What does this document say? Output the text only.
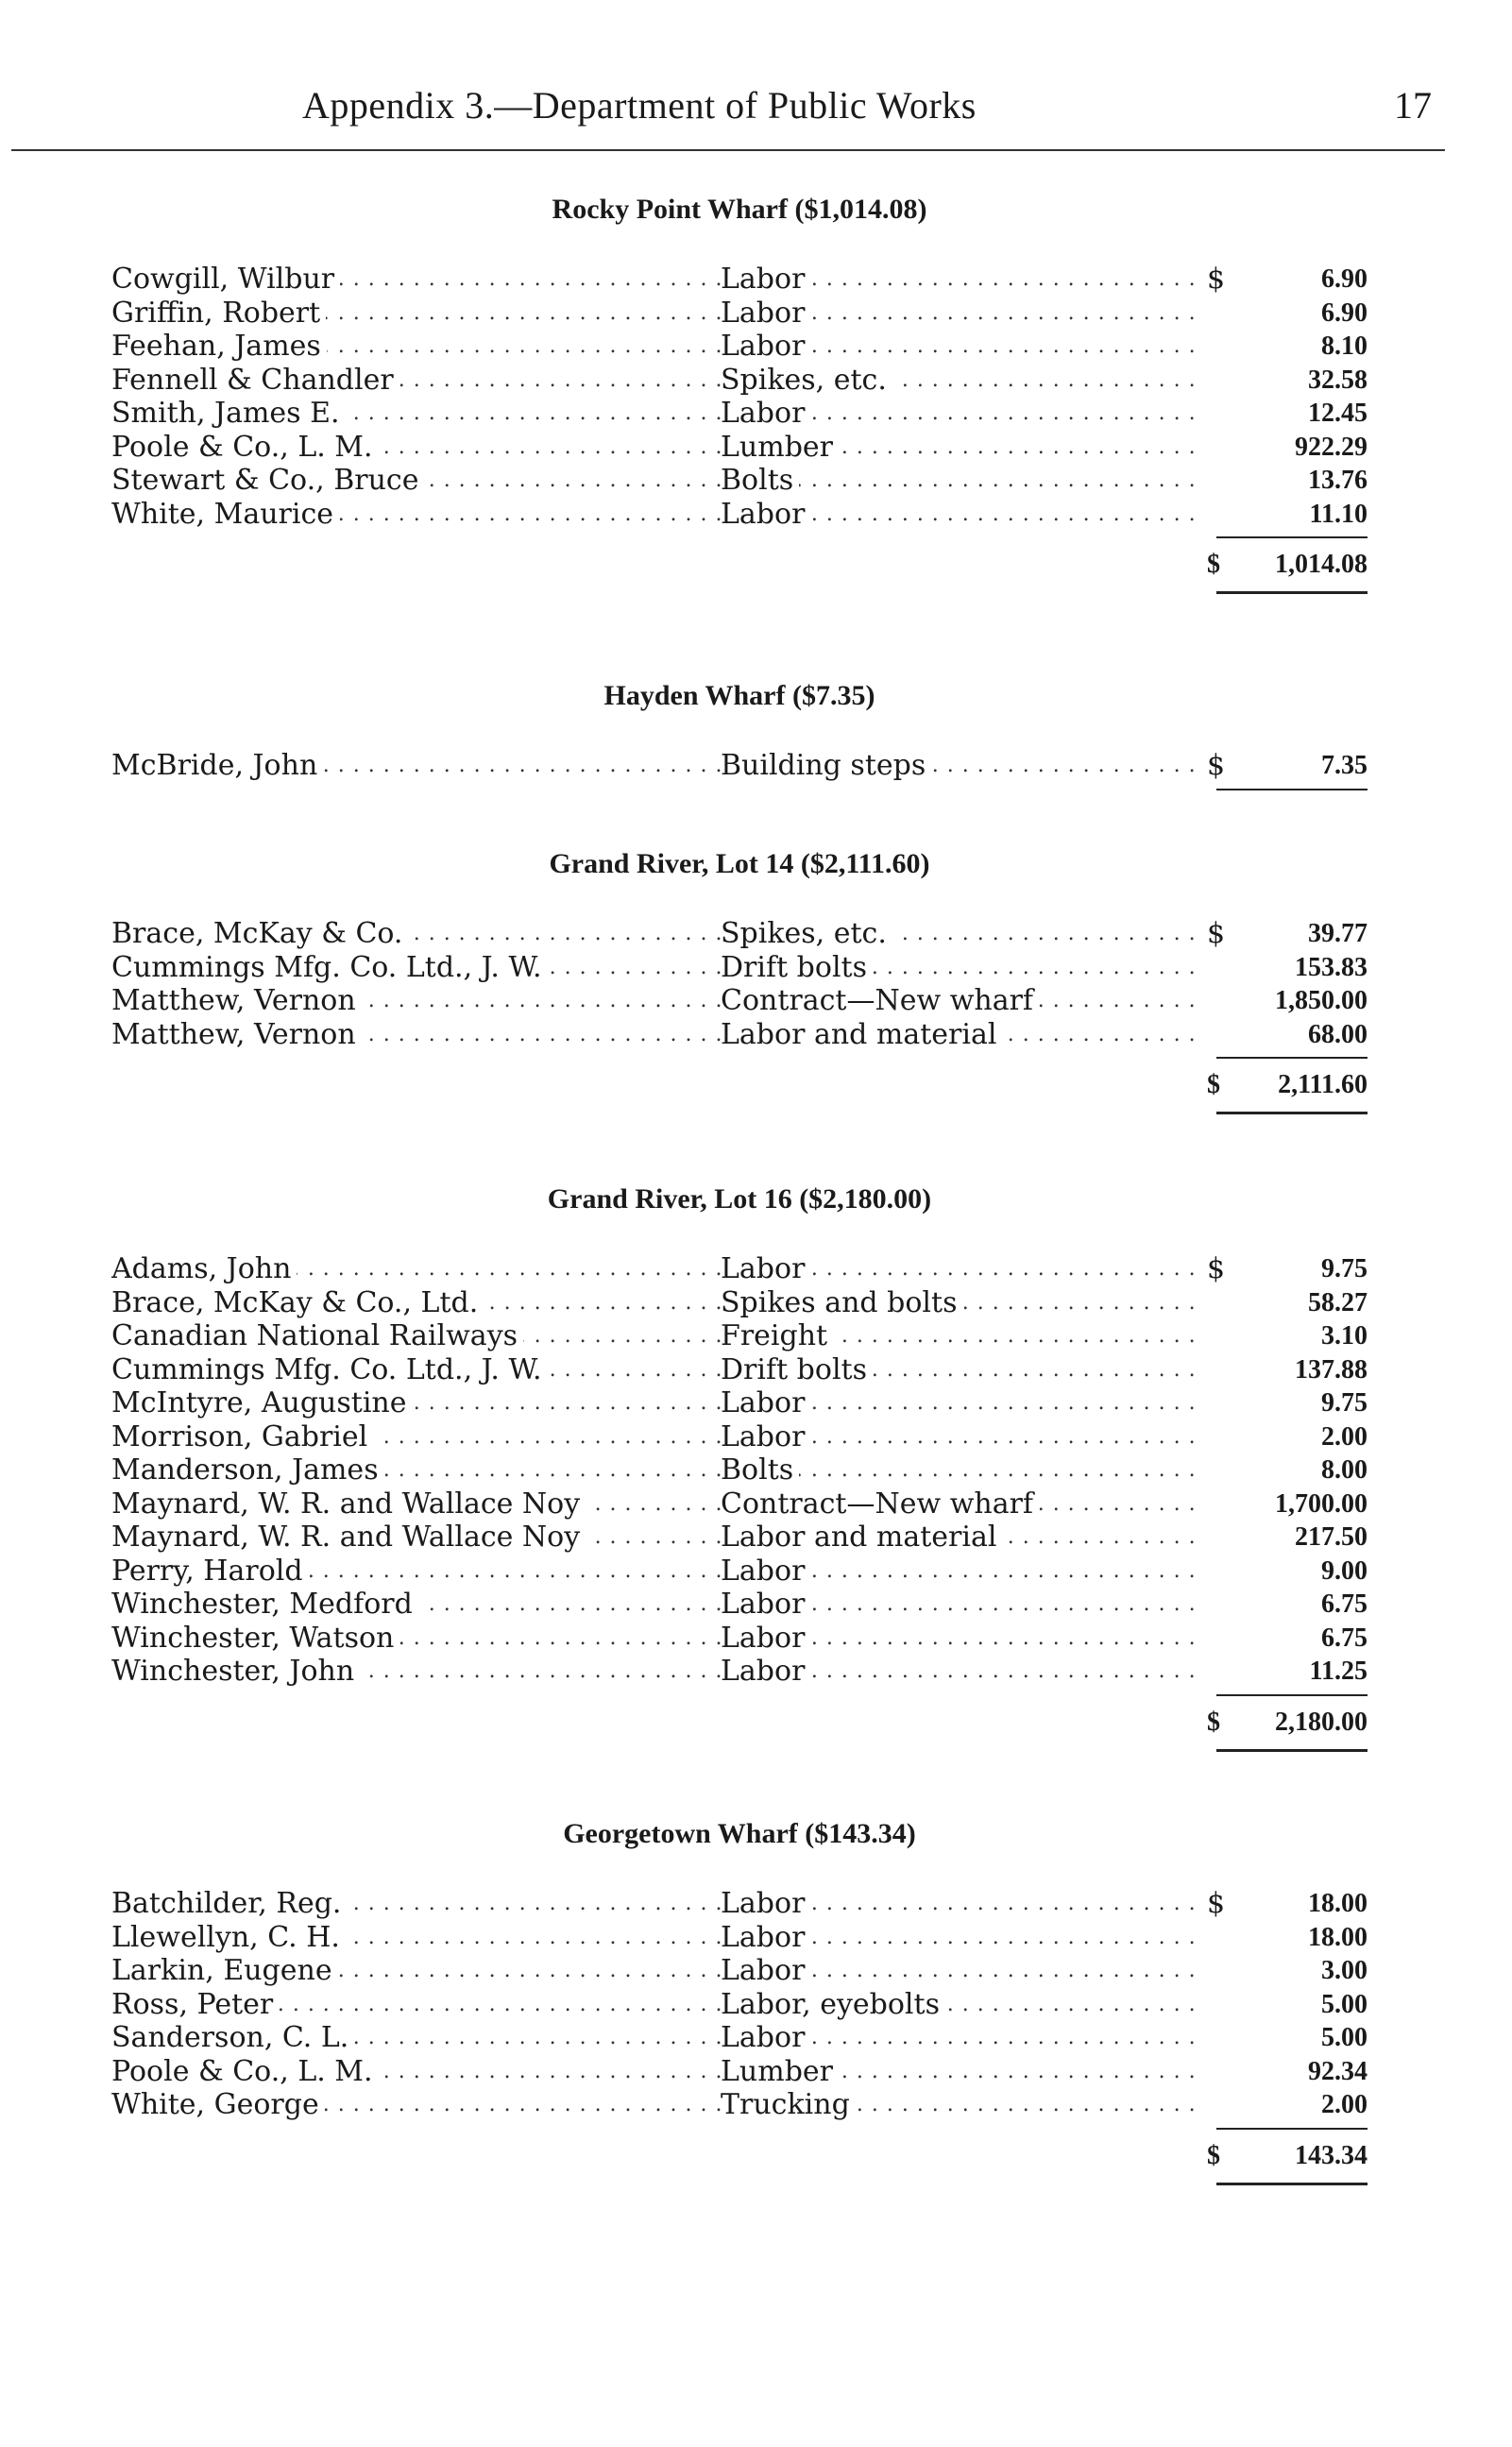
Appendix 3.—Department of Public Works	17
Rocky Point Wharf ($1,014.08)
Cowgill, Wilbur . . .	Labor . . .	$	6.90
Griffin, Robert . . .	Labor . . .	6.90
Feehan, James . . .	Labor . . .	8.10
Fennell & Chandler . . .	Spikes, etc. . . .	32.58
Smith, James E. . . .	Labor . . .	12.45
Poole & Co., L. M. . . .	Lumber . . .	922.29
Stewart & Co., Bruce . . .	Bolts . . .	13.76
White, Maurice . . .	Labor . . .	11.10
$	1,014.08
Hayden Wharf ($7.35)
McBride, John . . .	Building steps . . .	$	7.35
Grand River, Lot 14 ($2,111.60)
Brace, McKay & Co. . . .	Spikes, etc. . . .	$	39.77
Cummings Mfg. Co. Ltd., J. W. . . .	Drift bolts . . .	153.83
Matthew, Vernon . . .	Contract—New wharf . . .	1,850.00
Matthew, Vernon . . .	Labor and material . . .	68.00
$	2,111.60
Grand River, Lot 16 ($2,180.00)
Adams, John . . .	Labor . . .	$	9.75
Brace, McKay & Co., Ltd. . . .	Spikes and bolts . . .	58.27
Canadian National Railways . . .	Freight . . .	3.10
Cummings Mfg. Co. Ltd., J. W. . . .	Drift bolts . . .	137.88
McIntyre, Augustine . . .	Labor . . .	9.75
Morrison, Gabriel . . .	Labor . . .	2.00
Manderson, James . . .	Bolts . . .	8.00
Maynard, W. R. and Wallace Noy . . .	Contract—New wharf . . .	1,700.00
Maynard, W. R. and Wallace Noy . . .	Labor and material . . .	217.50
Perry, Harold . . .	Labor . . .	9.00
Winchester, Medford . . .	Labor . . .	6.75
Winchester, Watson . . .	Labor . . .	6.75
Winchester, John . . .	Labor . . .	11.25
$	2,180.00
Georgetown Wharf ($143.34)
Batchilder, Reg. . . .	Labor . . .	$	18.00
Llewellyn, C. H. . . .	Labor . . .	18.00
Larkin, Eugene . . .	Labor . . .	3.00
Ross, Peter . . .	Labor, eyebolts . . .	5.00
Sanderson, C. L. . . .	Labor . . .	5.00
Poole & Co., L. M. . . .	Lumber . . .	92.34
White, George . . .	Trucking . . .	2.00
$	143.34
